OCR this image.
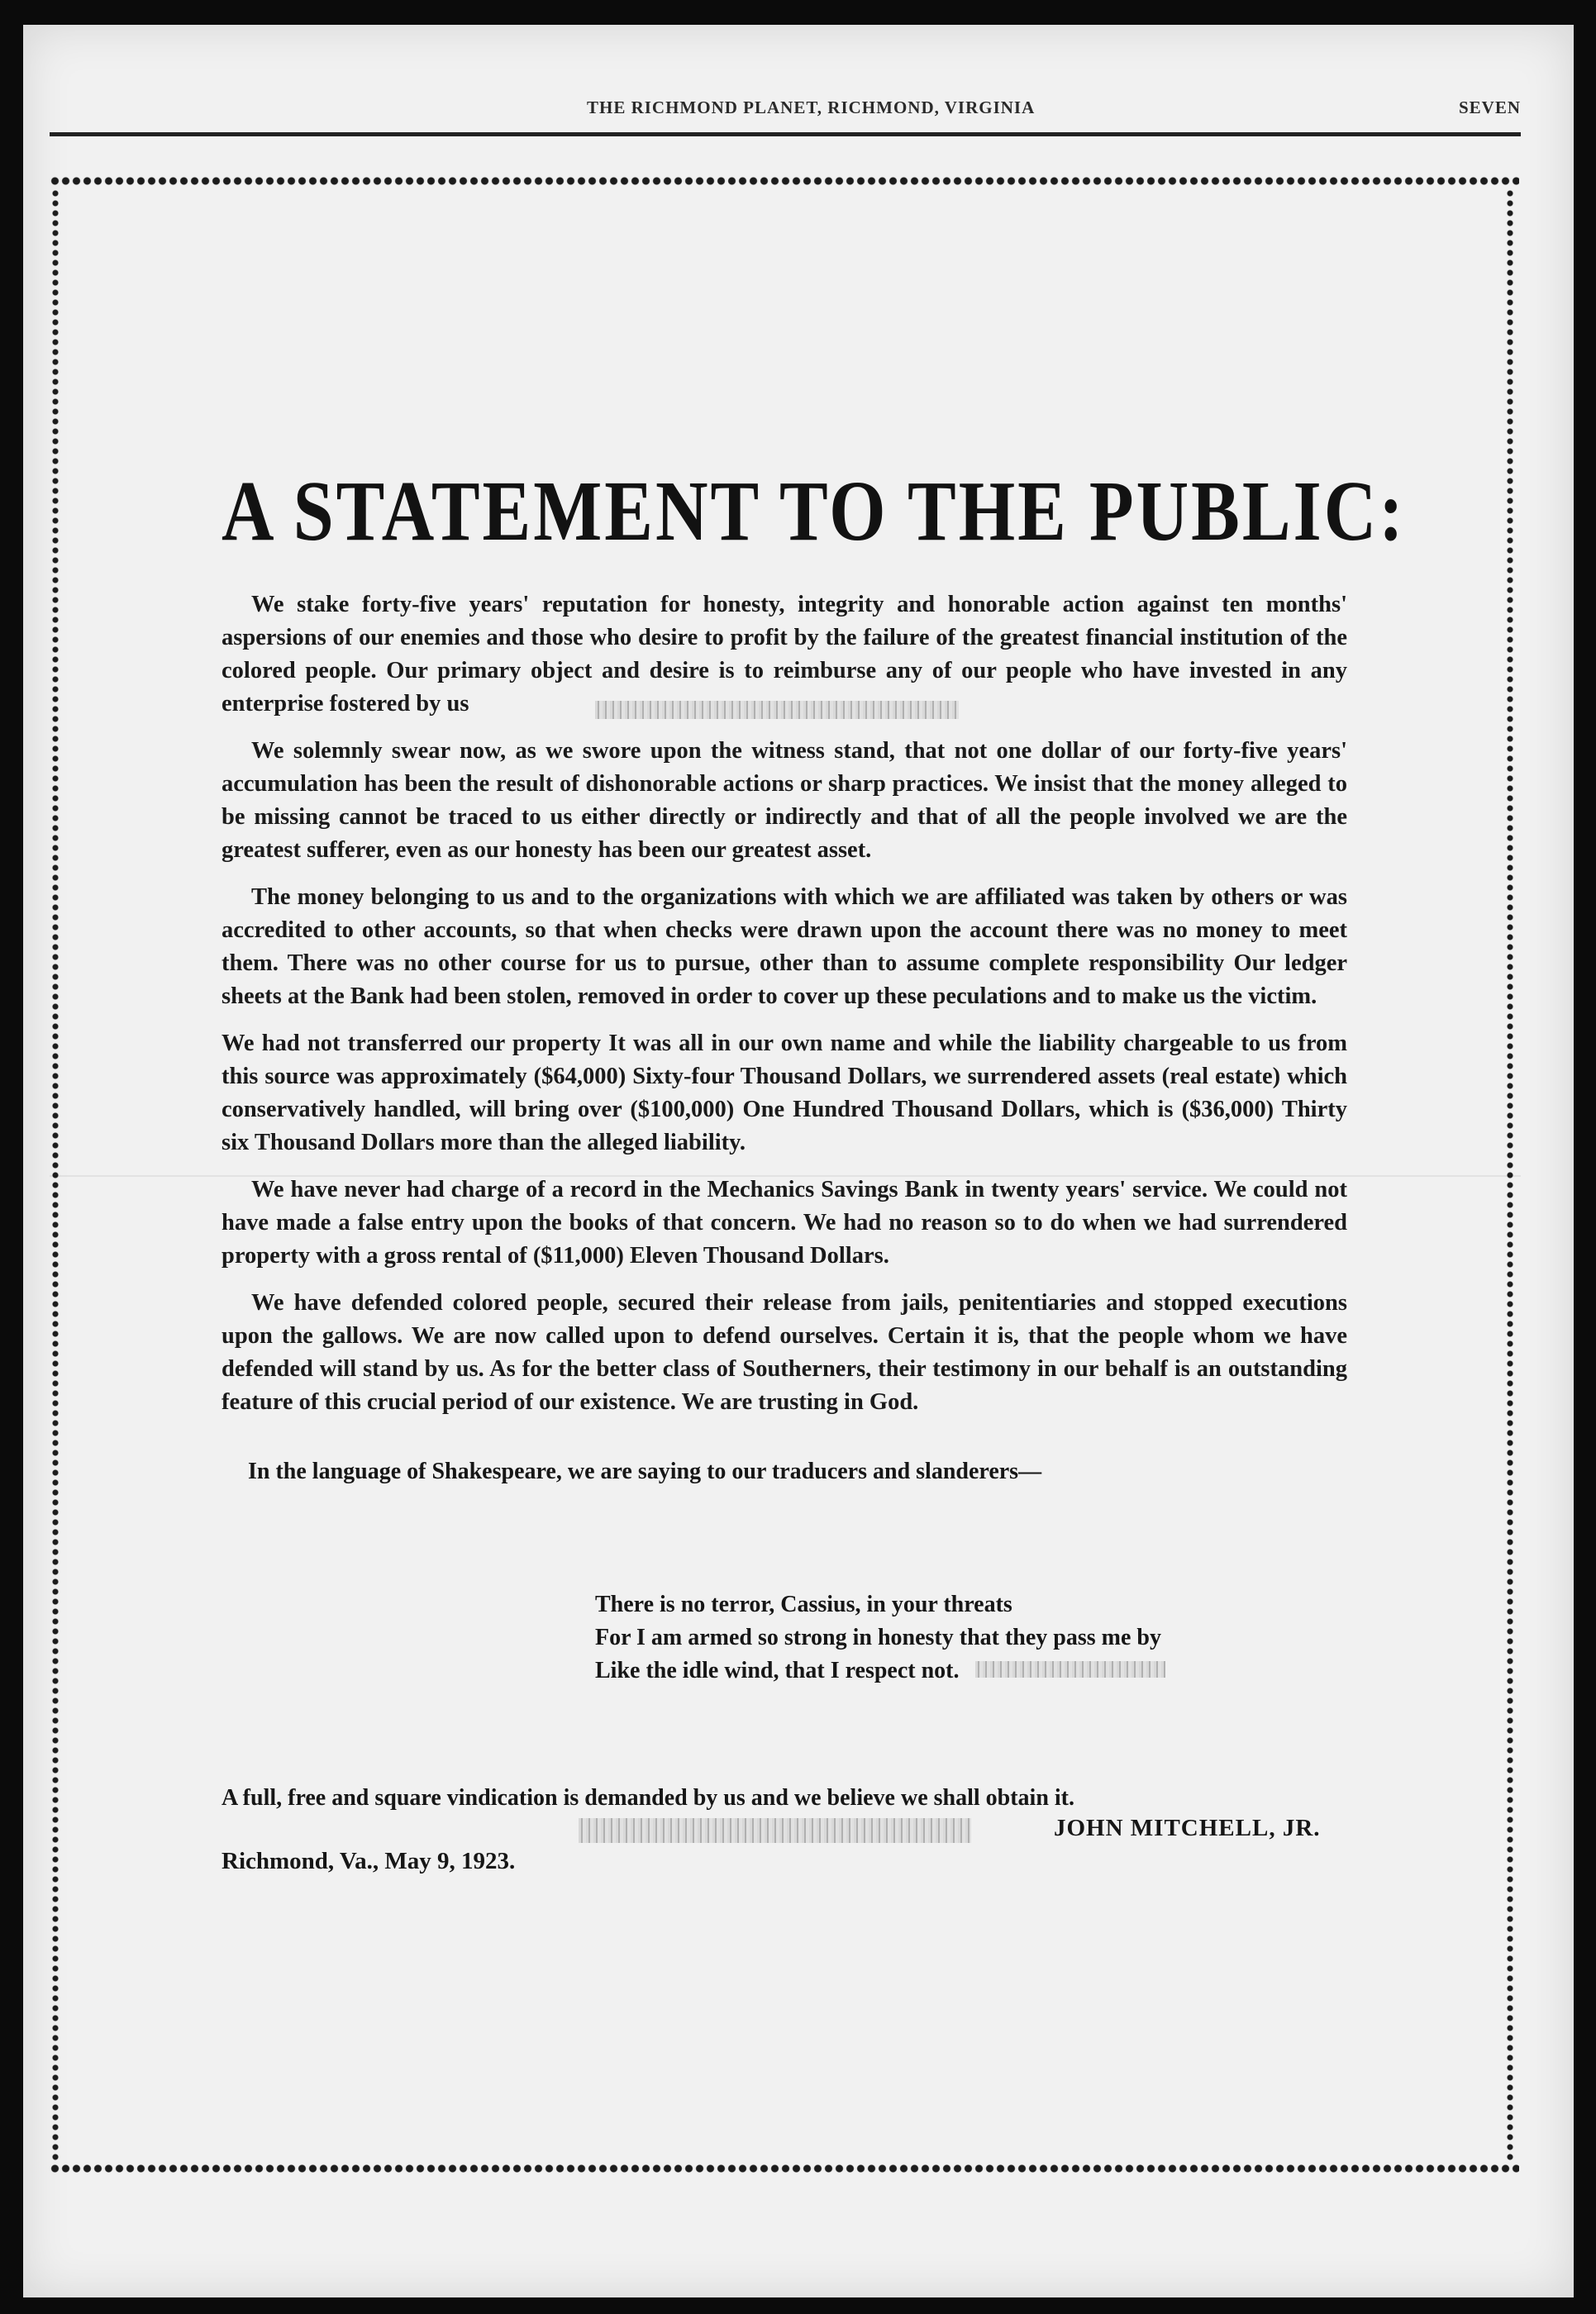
THE RICHMOND PLANET, RICHMOND, VIRGINIA	SEVEN
A STATEMENT TO THE PUBLIC:

We stake forty-five years' reputation for honesty, integrity and honorable action against ten months' aspersions of our enemies and those who desire to profit by the failure of the greatest financial institution of the colored people. Our primary object and desire is to reimburse any of our people who have invested in any enterprise fostered by us

We solemnly swear now, as we swore upon the witness stand, that not one dollar of our forty-five years' accumulation has been the result of dishonorable actions or sharp practices. We insist that the money alleged to be missing cannot be traced to us either directly or indirectly and that of all the people involved we are the greatest sufferer, even as our honesty has been our greatest asset.

The money belonging to us and to the organizations with which we are affiliated was taken by others or was accredited to other accounts, so that when checks were drawn upon the account there was no money to meet them. There was no other course for us to pursue, other than to assume complete responsibility Our ledger sheets at the Bank had been stolen, removed in order to cover up these peculations and to make us the victim.

We had not transferred our property It was all in our own name and while the liability chargeable to us from this source was approximately ($64,000) Sixty-four Thousand Dollars, we surrendered assets (real estate) which conservatively handled, will bring over ($100,000) One Hundred Thousand Dollars, which is ($36,000) Thirty six Thousand Dollars more than the alleged liability.

We have never had charge of a record in the Mechanics Savings Bank in twenty years' service. We could not have made a false entry upon the books of that concern. We had no reason so to do when we had surrendered property with a gross rental of ($11,000) Eleven Thousand Dollars.

We have defended colored people, secured their release from jails, penitentiaries and stopped executions upon the gallows. We are now called upon to defend ourselves. Certain it is, that the people whom we have defended will stand by us. As for the better class of Southerners, their testimony in our behalf is an outstanding feature of this crucial period of our existence. We are trusting in God.

In the language of Shakespeare, we are saying to our traducers and slanderers—
There is no terror, Cassius, in your threats
For I am armed so strong in honesty that they pass me by
Like the idle wind, that I respect not.
A full, free and square vindication is demanded by us and we believe we shall obtain it.
JOHN MITCHELL, JR.
Richmond, Va., May 9, 1923.
